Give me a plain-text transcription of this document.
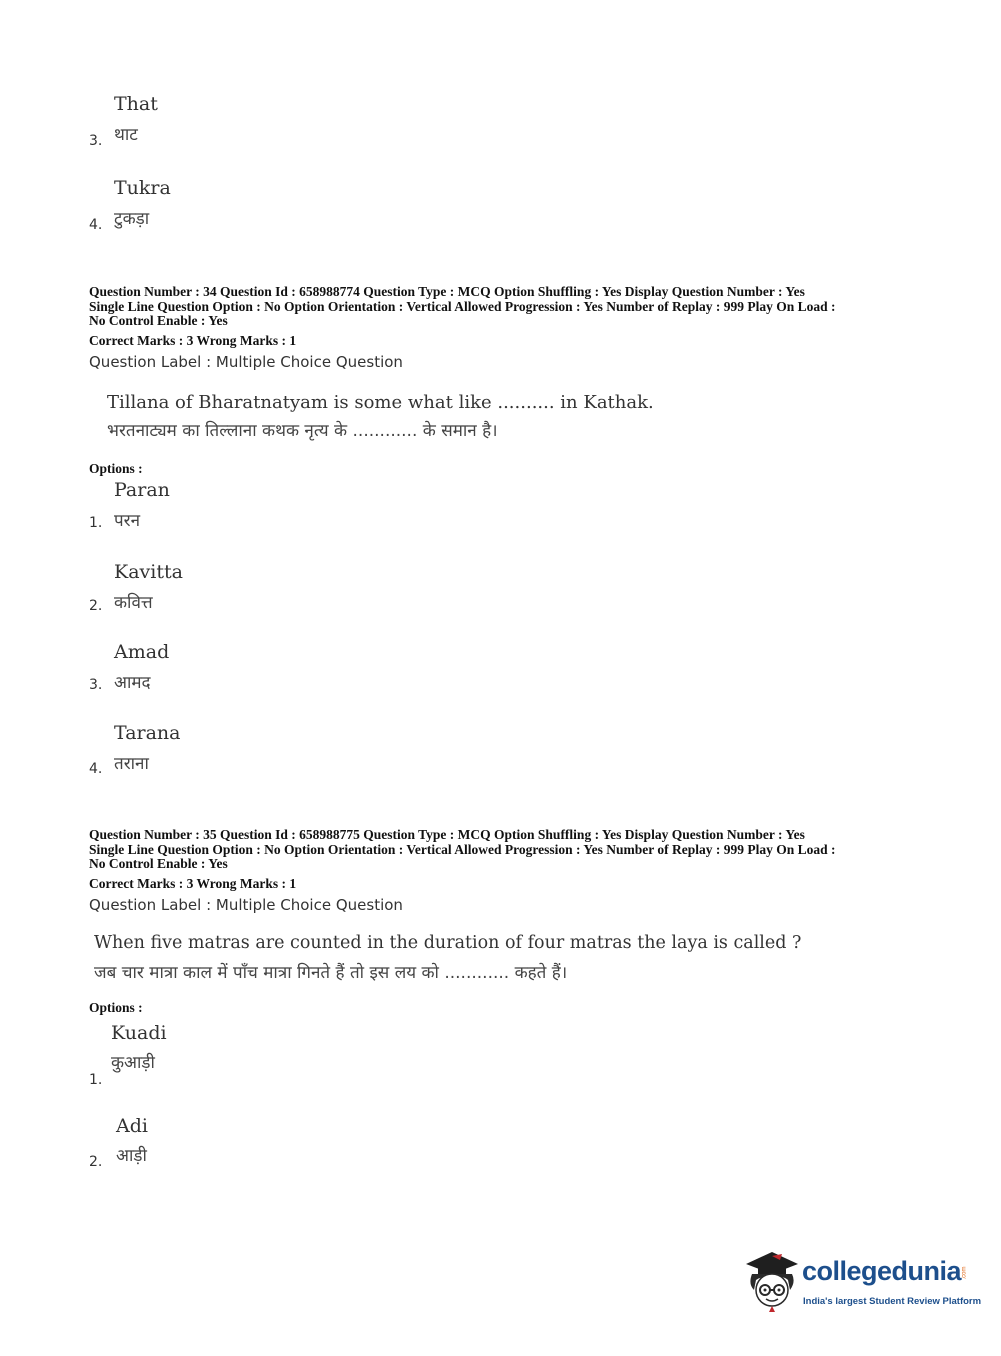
That
थाट
3.
Tukra
टुकड़ा
4.
Question Number : 34 Question Id : 658988774 Question Type : MCQ Option Shuffling : Yes Display Question Number : Yes
Single Line Question Option : No Option Orientation : Vertical Allowed Progression : Yes Number of Replay : 999 Play On Load :
No Control Enable : Yes
Correct Marks : 3 Wrong Marks : 1
Question Label : Multiple Choice Question
Tillana of Bharatnatyam is some what like .......... in Kathak.
भरतनाट्यम का तिल्लाना कथक नृत्य के ............ के समान है।
Options :
Paran
परन
1.
Kavitta
कवित्त
2.
Amad
आमद
3.
Tarana
तराना
4.
Question Number : 35 Question Id : 658988775 Question Type : MCQ Option Shuffling : Yes Display Question Number : Yes
Single Line Question Option : No Option Orientation : Vertical Allowed Progression : Yes Number of Replay : 999 Play On Load :
No Control Enable : Yes
Correct Marks : 3 Wrong Marks : 1
Question Label : Multiple Choice Question
When five matras are counted in the duration of four matras the laya is called ?
जब चार मात्रा काल में पाँच मात्रा गिनते हैं तो इस लय को ............ कहते हैं।
Options :
Kuadi
कुआड़ी
1.
Adi
आड़ी
2.
collegedunia .com
India's largest Student Review Platform
